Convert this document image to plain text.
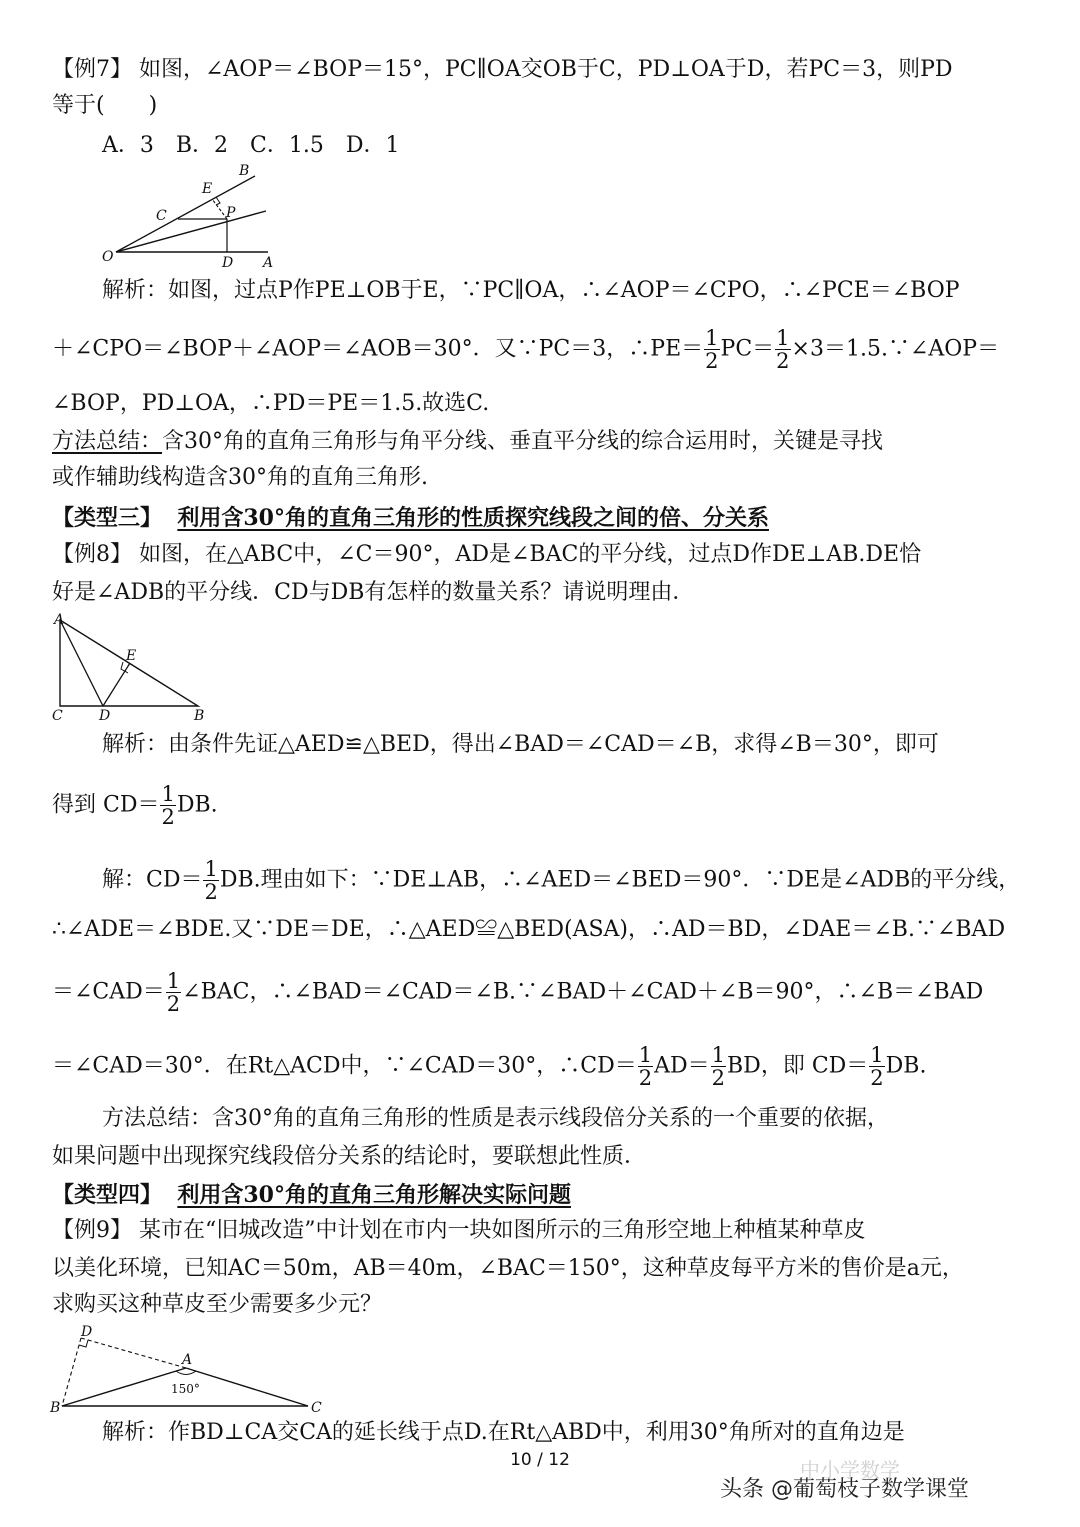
【例7】 如图，∠AOP＝∠BOP＝15°，PC∥OA交OB于C，PD⊥OA于D，若PC＝3，则PD
等于(　　)
A．3　B．2　C．1.5　D．1
B
E
C	P
O	D A
解析：如图，过点P作PE⊥OB于E，∵PC∥OA，∴∠AOP＝∠CPO，∴∠PCE＝∠BOP
＋∠CPO＝∠BOP＋∠AOP＝∠AOB＝30°．又∵PC＝3，∴PE＝ $\frac{1}{2} PC= \frac{1}{2}$ ×3＝1.5.∵∠AOP＝
∠BOP，PD⊥OA，∴PD＝PE＝1.5.故选C.
方法总结：含30°角的直角三角形与角平分线、垂直平分线的综合运用时，关键是寻找
或作辅助线构造含30°角的直角三角形.
【类型三】 利用含30°角的直角三角形的性质探究线段之间的倍、分关系
【例8】 如图，在△ABC中，∠C＝90°，AD是∠BAC的平分线，过点D作DE⊥AB.DE恰
好是∠ADB的平分线．CD与DB有怎样的数量关系？请说明理由．
A
E
C	D	B
解析：由条件先证△AED≌△BED，得出∠BAD＝∠CAD＝∠B，求得∠B＝30°，即可
得到 $CD= \frac{1}{2}$ DB.
解：$CD= \frac{1}{2}$ DB.理由如下：∵DE⊥AB，∴∠AED＝∠BED＝90°．∵DE是∠ADB的平分线，
∴∠ADE＝∠BDE.又∵DE＝DE，∴△AED≌△BED(ASA)，∴AD＝BD，∠DAE＝∠B.∵∠BAD
＝∠CAD＝ $\frac{1}{2}$ ∠BAC，∴∠BAD＝∠CAD＝∠B.∵∠BAD＋∠CAD＋∠B＝90°，∴∠B＝∠BAD
＝∠CAD＝30°．在Rt△ACD中，∵∠CAD＝30°，∴CD＝ $\frac{1}{2} AD= \frac{1}{2}$ BD，即 $CD= \frac{1}{2}$ DB.
方法总结：含30°角的直角三角形的性质是表示线段倍分关系的一个重要的依据，
如果问题中出现探究线段倍分关系的结论时，要联想此性质．
【类型四】 利用含30°角的直角三角形解决实际问题
【例9】 某市在“旧城改造”中计划在市内一块如图所示的三角形空地上种植某种草皮
以美化环境，已知AC＝50m，AB＝40m，∠BAC＝150°，这种草皮每平方米的售价是a元，
求购买这种草皮至少需要多少元？
D
A
150°
B	C
解析：作BD⊥CA交CA的延长线于点D.在Rt△ABD中，利用30°角所对的直角边是
10 / 12	中小学数学
头条 @葡萄枝子数学课堂
